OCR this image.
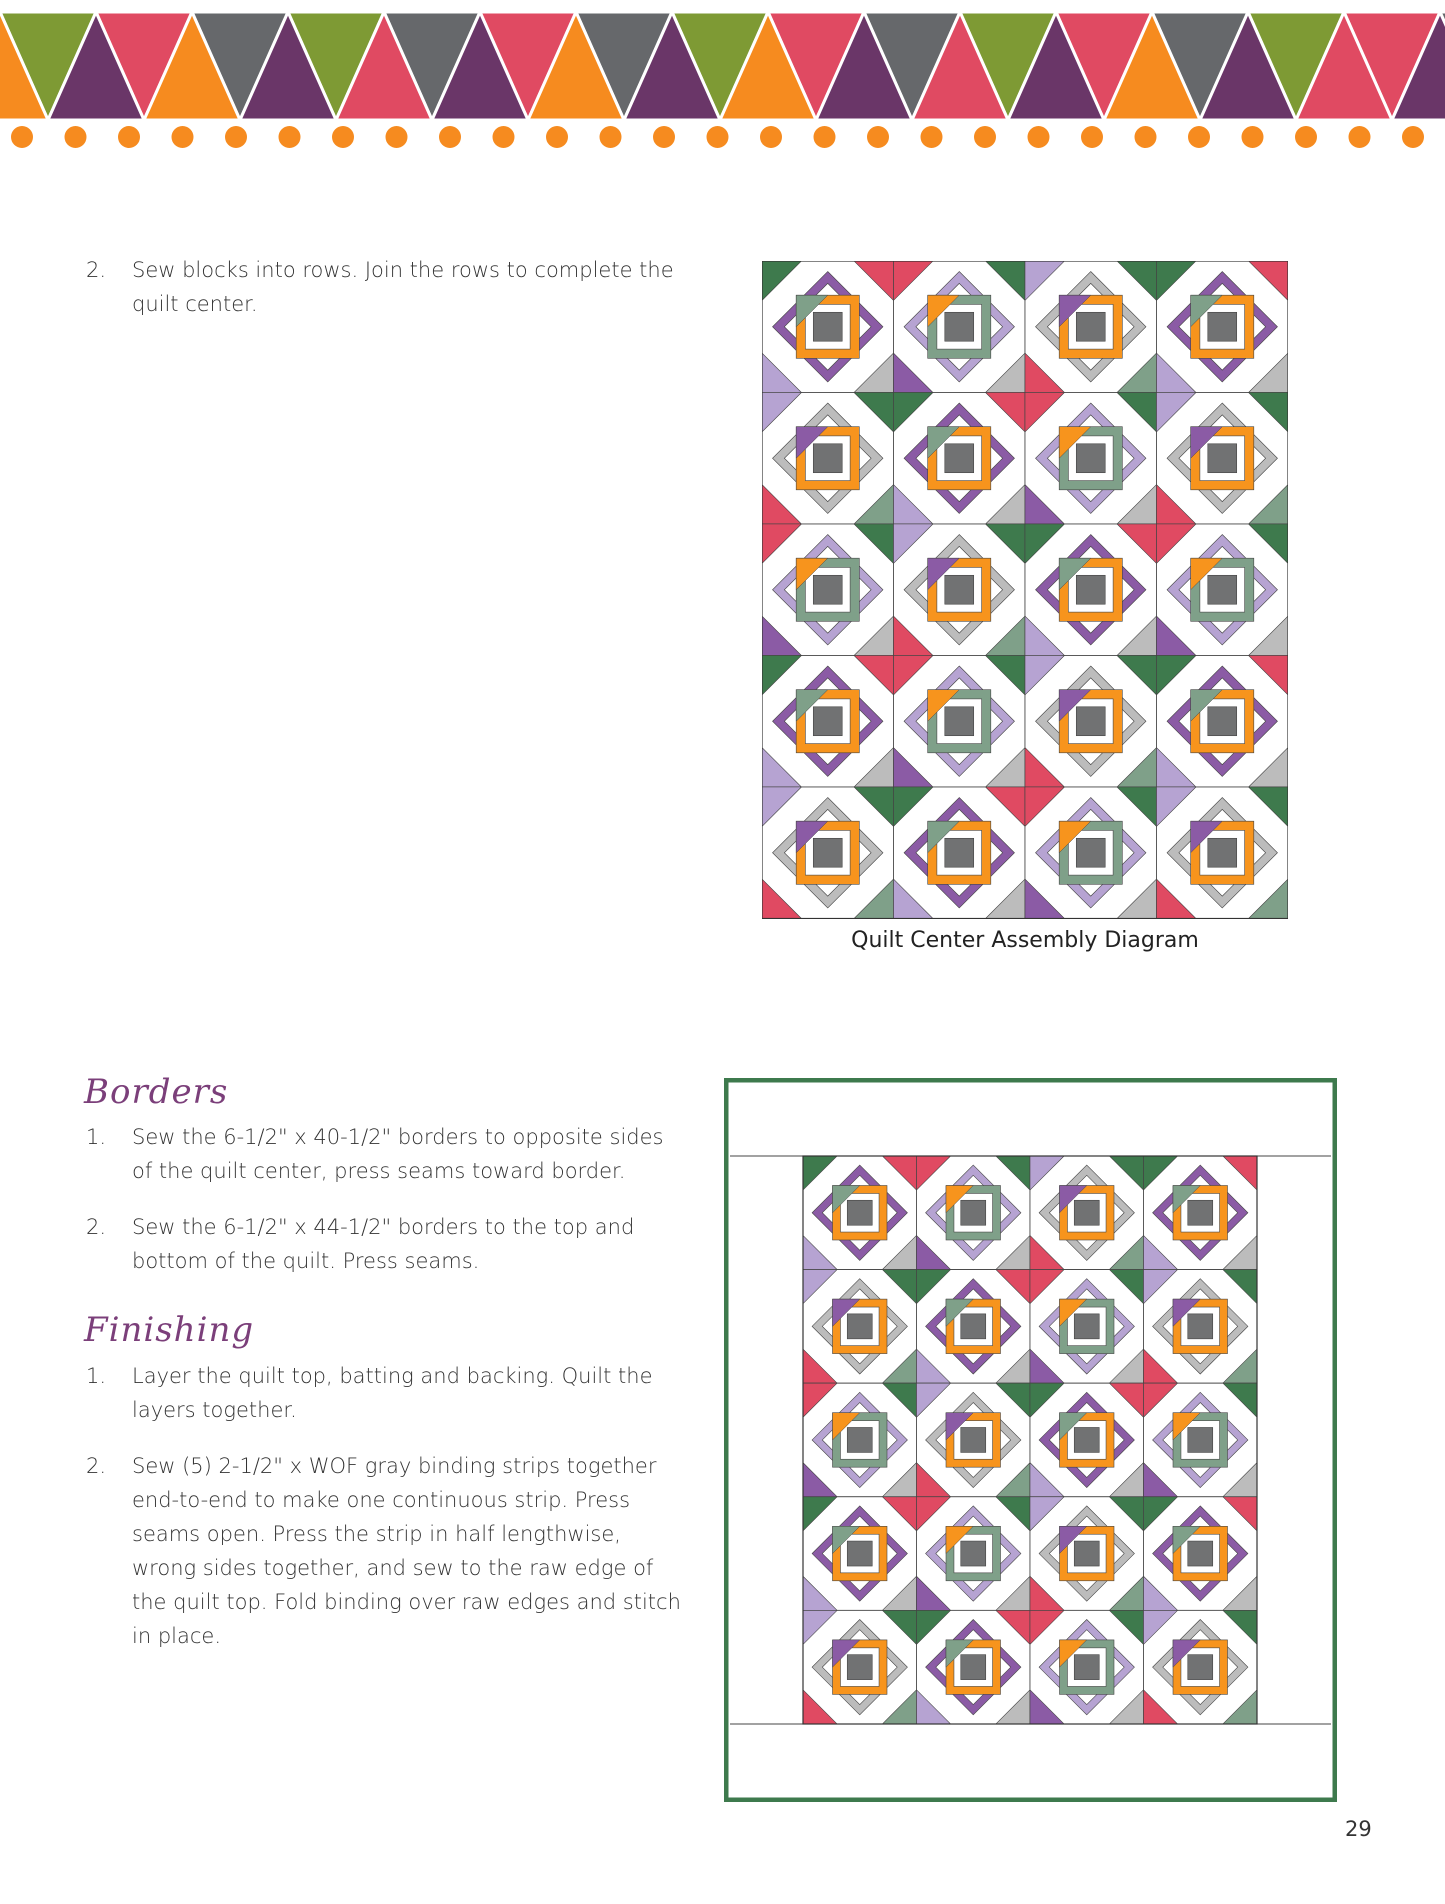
2. Sew blocks into rows. Join the rows to complete the
quilt center.
Quilt Center Assembly Diagram
Borders
1. Sew the 6-1/2" x 40-1/2" borders to opposite sides
of the quilt center, press seams toward border.
2. Sew the 6-1/2" x 44-1/2" borders to the top and
bottom of the quilt. Press seams.
Finishing
1. Layer the quilt top, batting and backing. Quilt the
layers together.
2. Sew (5) 2-1/2" x WOF gray binding strips together
end-to-end to make one continuous strip. Press
seams open. Press the strip in half lengthwise,
wrong sides together, and sew to the raw edge of
the quilt top. Fold binding over raw edges and stitch
in place.
29
